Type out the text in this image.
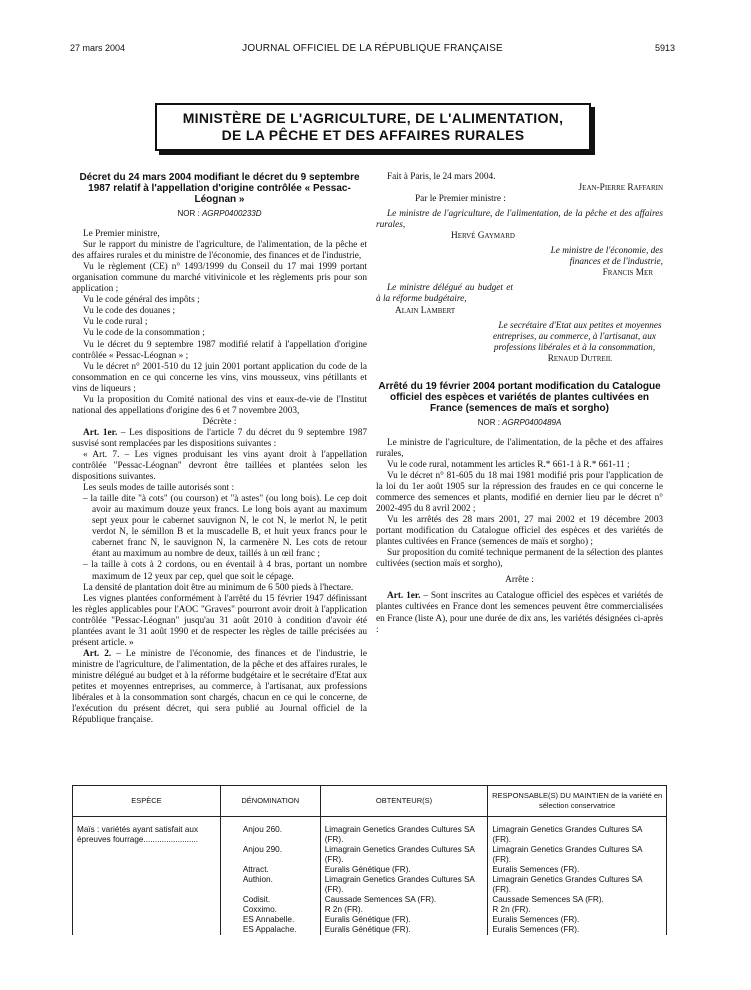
27 mars 2004	JOURNAL OFFICIEL DE LA RÉPUBLIQUE FRANÇAISE	5913
MINISTÈRE DE L'AGRICULTURE, DE L'ALIMENTATION,
DE LA PÊCHE ET DES AFFAIRES RURALES
Décret du 24 mars 2004 modifiant le décret du 9 septembre 1987 relatif à l'appellation d'origine contrôlée « Pessac-Léognan »
NOR : AGRP0400233D

Le Premier ministre,

Sur le rapport du ministre de l'agriculture, de l'alimentation, de la pêche et des affaires rurales et du ministre de l'économie, des finances et de l'industrie,

Vu le règlement (CE) n° 1493/1999 du Conseil du 17 mai 1999 portant organisation commune du marché vitivinicole et les règlements pris pour son application ;

Vu le code général des impôts ;

Vu le code des douanes ;

Vu le code rural ;

Vu le code de la consommation ;

Vu le décret du 9 septembre 1987 modifié relatif à l'appellation d'origine contrôlée « Pessac-Léognan » ;

Vu le décret n° 2001-510 du 12 juin 2001 portant application du code de la consommation en ce qui concerne les vins, vins mousseux, vins pétillants et vins de liqueurs ;

Vu la proposition du Comité national des vins et eaux-de-vie de l'Institut national des appellations d'origine des 6 et 7 novembre 2003,

Décrète :

Art. 1er. – Les dispositions de l'article 7 du décret du 9 septembre 1987 susvisé sont remplacées par les dispositions suivantes :

« Art. 7. – Les vignes produisant les vins ayant droit à l'appellation contrôlée "Pessac-Léognan" devront être taillées et plantées selon les dispositions suivantes.

Les seuls modes de taille autorisés sont :

– la taille dite "à cots" (ou courson) et "à astes" (ou long bois). Le cep doit avoir au maximum douze yeux francs. Le long bois ayant au maximum sept yeux pour le cabernet sauvignon N, le cot N, le merlot N, le petit verdot N, le sémillon B et la muscadelle B, et huit yeux francs pour le cabernet franc N, le sauvignon N, la carmenère N. Les cots de retour étant au maximum au nombre de deux, taillés à un œil franc ;

– la taille à cots à 2 cordons, ou en éventail à 4 bras, portant un nombre maximum de 12 yeux par cep, quel que soit le cépage.

La densité de plantation doit être au minimum de 6 500 pieds à l'hectare.

Les vignes plantées conformément à l'arrêté du 15 février 1947 définissant les règles applicables pour l'AOC "Graves" pourront avoir droit à l'application contrôlée "Pessac-Léognan" jusqu'au 31 août 2010 à condition d'avoir été plantées avant le 31 août 1990 et de respecter les règles de taille précisées au présent article. »

Art. 2. – Le ministre de l'économie, des finances et de l'industrie, le ministre de l'agriculture, de l'alimentation, de la pêche et des affaires rurales, le ministre délégué au budget et à la réforme budgétaire et le secrétaire d'Etat aux petites et moyennes entreprises, au commerce, à l'artisanat, aux professions libérales et à la consommation sont chargés, chacun en ce qui le concerne, de l'exécution du présent décret, qui sera publié au Journal officiel de la République française.

Fait à Paris, le 24 mars 2004.

Jean-Pierre Raffarin

Par le Premier ministre :

Le ministre de l'agriculture, de l'alimentation, de la pêche et des affaires rurales,

Hervé Gaymard

Le ministre de l'économie, des finances et de l'industrie,

Francis Mer

Le ministre délégué au budget et à la réforme budgétaire,

Alain Lambert

Le secrétaire d'Etat aux petites et moyennes entreprises, au commerce, à l'artisanat, aux professions libérales et à la consommation,

Renaud Dutreil

Arrêté du 19 février 2004 portant modification du Catalogue officiel des espèces et variétés de plantes cultivées en France (semences de maïs et sorgho)
NOR : AGRP0400489A

Le ministre de l'agriculture, de l'alimentation, de la pêche et des affaires rurales,

Vu le code rural, notamment les articles R.* 661-1 à R.* 661-11 ;

Vu le décret n° 81-605 du 18 mai 1981 modifié pris pour l'application de la loi du 1er août 1905 sur la répression des fraudes en ce qui concerne le commerce des semences et plants, modifié en dernier lieu par le décret n° 2002-495 du 8 avril 2002 ;

Vu les arrêtés des 28 mars 2001, 27 mai 2002 et 19 décembre 2003 portant modification du Catalogue officiel des espèces et des variétés de plantes cultivées en France (semences de maïs et sorgho) ;

Sur proposition du comité technique permanent de la sélection des plantes cultivées (section maïs et sorgho),

Arrête :

Art. 1er. – Sont inscrites au Catalogue officiel des espèces et variétés de plantes cultivées en France dont les semences peuvent être commercialisées en France (liste A), pour une durée de dix ans, les variétés désignées ci-après :

ESPÈCE	DÉNOMINATION	OBTENTEUR(S)	RESPONSABLE(S) DU MAINTIEN de la variété en sélection conservatrice
Maïs : variétés ayant satisfait aux épreuves fourrage........................	Anjou 260.	Limagrain Genetics Grandes Cultures SA (FR).	Limagrain Genetics Grandes Cultures SA (FR).
	Anjou 290.	Limagrain Genetics Grandes Cultures SA (FR).	Limagrain Genetics Grandes Cultures SA (FR).
	Attract.	Euralis Génétique (FR).	Euralis Semences (FR).
	Authion.	Limagrain Genetics Grandes Cultures SA (FR).	Limagrain Genetics Grandes Cultures SA (FR).
	Codisit.	Caussade Semences SA (FR).	Caussade Semences SA (FR).
	Coxximo.	R 2n (FR).	R 2n (FR).
	ES Annabelle.	Euralis Génétique (FR).	Euralis Semences (FR).
	ES Appalache.	Euralis Génétique (FR).	Euralis Semences (FR).
